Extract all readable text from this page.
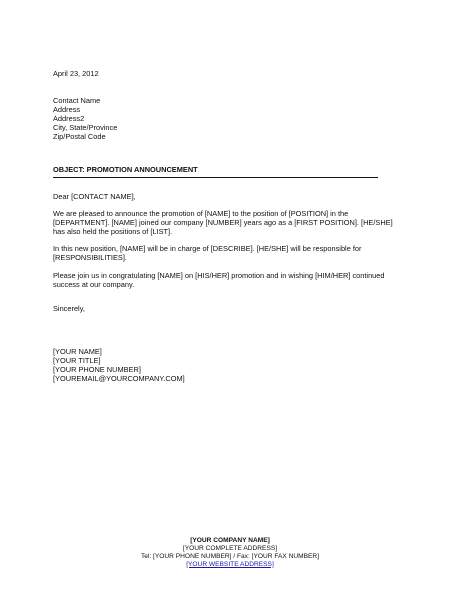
April 23, 2012
Contact Name
Address
Address2
City, State/Province
Zip/Postal Code
OBJECT: PROMOTION ANNOUNCEMENT
Dear [CONTACT NAME],
We are pleased to announce the promotion of [NAME] to the position of [POSITION] in the
[DEPARTMENT]. [NAME] joined our company [NUMBER] years ago as a [FIRST POSITION]. [HE/SHE]
has also held the positions of [LIST].
In this new position, [NAME] will be in charge of [DESCRIBE]. [HE/SHE] will be responsible for
[RESPONSIBILITIES].
Please join us in congratulating [NAME] on [HIS/HER] promotion and in wishing [HIM/HER] continued
success at our company.
Sincerely,
[YOUR NAME]
[YOUR TITLE]
[YOUR PHONE NUMBER]
[YOUREMAIL@YOURCOMPANY.COM]
[YOUR COMPANY NAME]
[YOUR COMPLETE ADDRESS]
Tel: [YOUR PHONE NUMBER] / Fax: [YOUR FAX NUMBER]
[YOUR WEBSITE ADDRESS]
